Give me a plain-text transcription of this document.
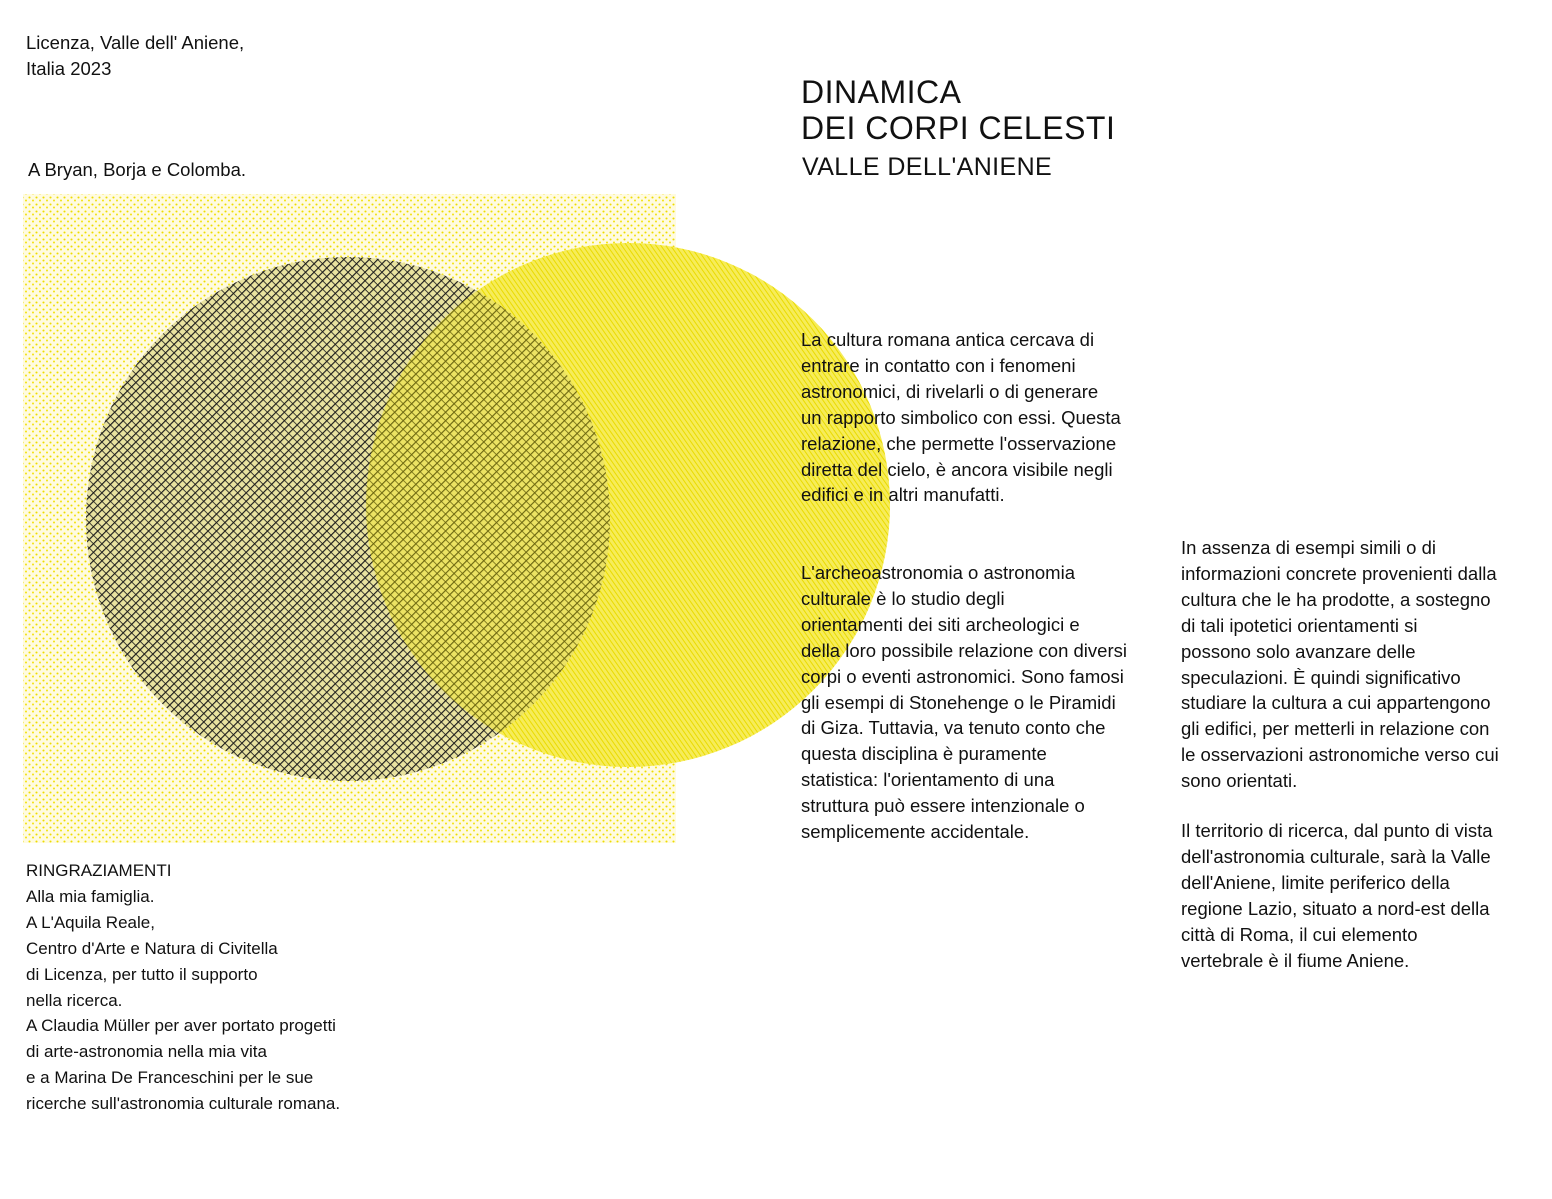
Licenza, Valle dell' Aniene,
Italia 2023
A Bryan, Borja e Colomba.
DINAMICA
DEI CORPI CELESTI
VALLE DELL'ANIENE

La cultura romana antica cercava di
entrare in contatto con i fenomeni
astronomici, di rivelarli o di generare
un rapporto simbolico con essi. Questa
relazione, che permette l'osservazione
diretta del cielo, è ancora visibile negli
edifici e in altri manufatti.

L'archeoastronomia o astronomia
culturale è lo studio degli
orientamenti dei siti archeologici e
della loro possibile relazione con diversi
corpi o eventi astronomici. Sono famosi
gli esempi di Stonehenge o le Piramidi
di Giza. Tuttavia, va tenuto conto che
questa disciplina è puramente
statistica: l'orientamento di una
struttura può essere intenzionale o
semplicemente accidentale.

In assenza di esempi simili o di
informazioni concrete provenienti dalla
cultura che le ha prodotte, a sostegno
di tali ipotetici orientamenti si
possono solo avanzare delle
speculazioni. È quindi significativo
studiare la cultura a cui appartengono
gli edifici, per metterli in relazione con
le osservazioni astronomiche verso cui
sono orientati.

Il territorio di ricerca, dal punto di vista
dell'astronomia culturale, sarà la Valle
dell'Aniene, limite periferico della
regione Lazio, situato a nord-est della
città di Roma, il cui elemento
vertebrale è il fiume Aniene.

RINGRAZIAMENTI
Alla mia famiglia.
A L'Aquila Reale,
Centro d'Arte e Natura di Civitella
di Licenza, per tutto il supporto
nella ricerca.
A Claudia Müller per aver portato progetti
di arte-astronomia nella mia vita
e a Marina De Franceschini per le sue
ricerche sull'astronomia culturale romana.
